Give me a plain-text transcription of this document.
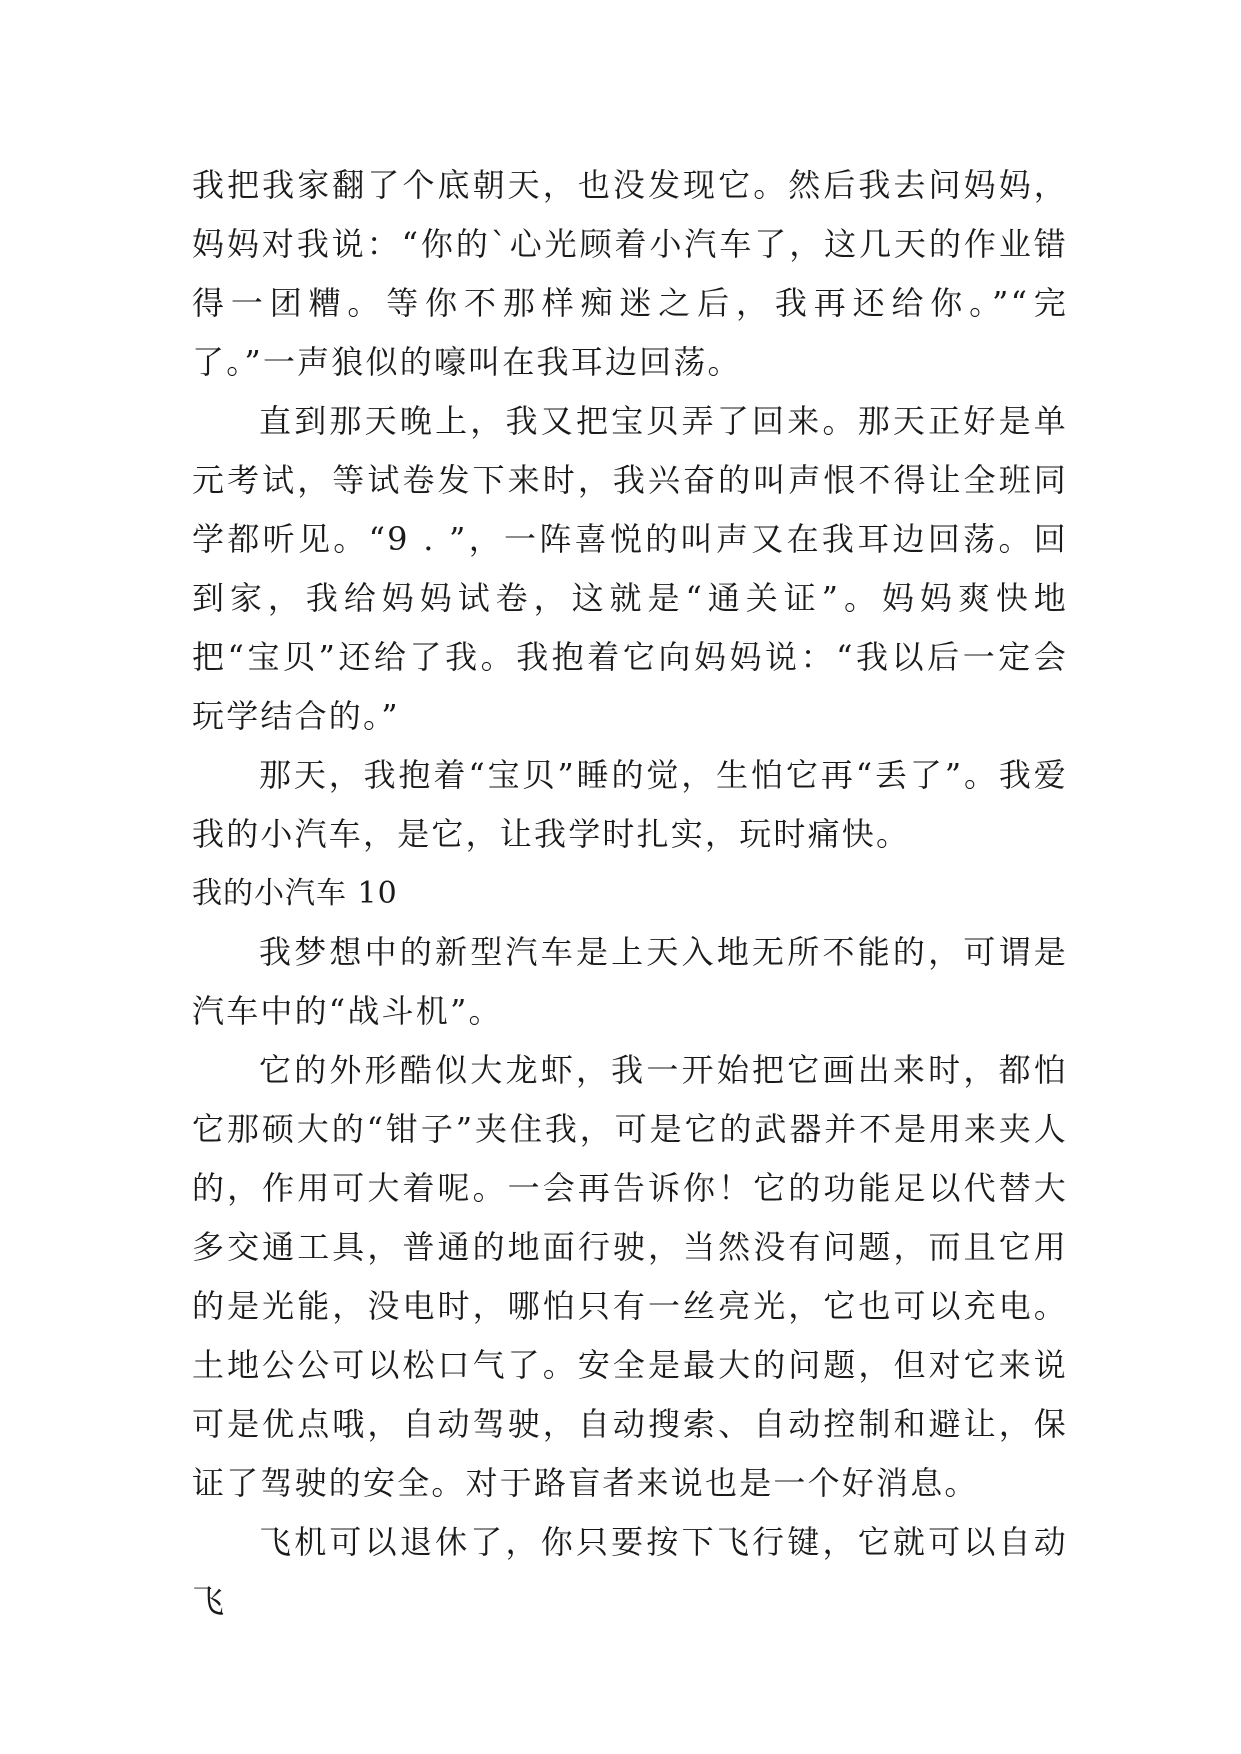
我把我家翻了个底朝天，也没发现它。然后我去问妈妈，妈妈对我说：“你的`心光顾着小汽车了，这几天的作业错得一团糟。等你不那样痴迷之后，我再还给你。”“完了。”一声狼似的嚎叫在我耳边回荡。

直到那天晚上，我又把宝贝弄了回来。那天正好是单元考试，等试卷发下来时，我兴奋的叫声恨不得让全班同学都听见。“9 . ”，一阵喜悦的叫声又在我耳边回荡。回到家，我给妈妈试卷，这就是“通关证”。妈妈爽快地把“宝贝”还给了我。我抱着它向妈妈说：“我以后一定会玩学结合的。”

那天，我抱着“宝贝”睡的觉，生怕它再“丢了”。我爱我的小汽车，是它，让我学时扎实，玩时痛快。

我的小汽车 10

我梦想中的新型汽车是上天入地无所不能的，可谓是汽车中的“战斗机”。

它的外形酷似大龙虾，我一开始把它画出来时，都怕它那硕大的“钳子”夹住我，可是它的武器并不是用来夹人的，作用可大着呢。一会再告诉你！它的功能足以代替大多交通工具，普通的地面行驶，当然没有问题，而且它用的是光能，没电时，哪怕只有一丝亮光，它也可以充电。土地公公可以松口气了。安全是最大的问题，但对它来说可是优点哦，自动驾驶，自动搜索、自动控制和避让，保证了驾驶的安全。对于路盲者来说也是一个好消息。

飞机可以退休了，你只要按下飞行键，它就可以自动飞
